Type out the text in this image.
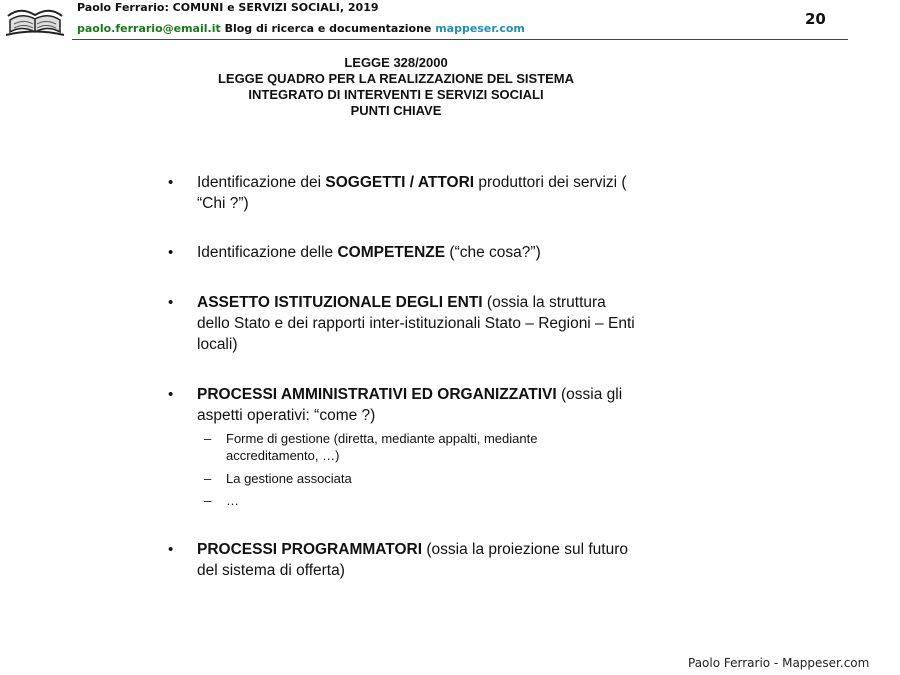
Paolo Ferrario: COMUNI e SERVIZI SOCIALI, 2019
paolo.ferrario@email.it Blog di ricerca e documentazione mappeser.com
20
LEGGE 328/2000
LEGGE QUADRO PER LA REALIZZAZIONE DEL SISTEMA
INTEGRATO DI INTERVENTI E SERVIZI SOCIALI
PUNTI CHIAVE
• Identificazione dei SOGGETTI / ATTORI produttori dei servizi ( “Chi ?”)
• Identificazione delle COMPETENZE (“che cosa?”)
• ASSETTO ISTITUZIONALE DEGLI ENTI (ossia la struttura dello Stato e dei rapporti inter-istituzionali Stato – Regioni – Enti locali)
• PROCESSI AMMINISTRATIVI ED ORGANIZZATIVI (ossia gli aspetti operativi: “come ?)
– Forme di gestione (diretta, mediante appalti, mediante accreditamento, …)
– La gestione associata
– …
• PROCESSI PROGRAMMATORI (ossia la proiezione sul futuro del sistema di offerta)
Paolo Ferrario - Mappeser.com
